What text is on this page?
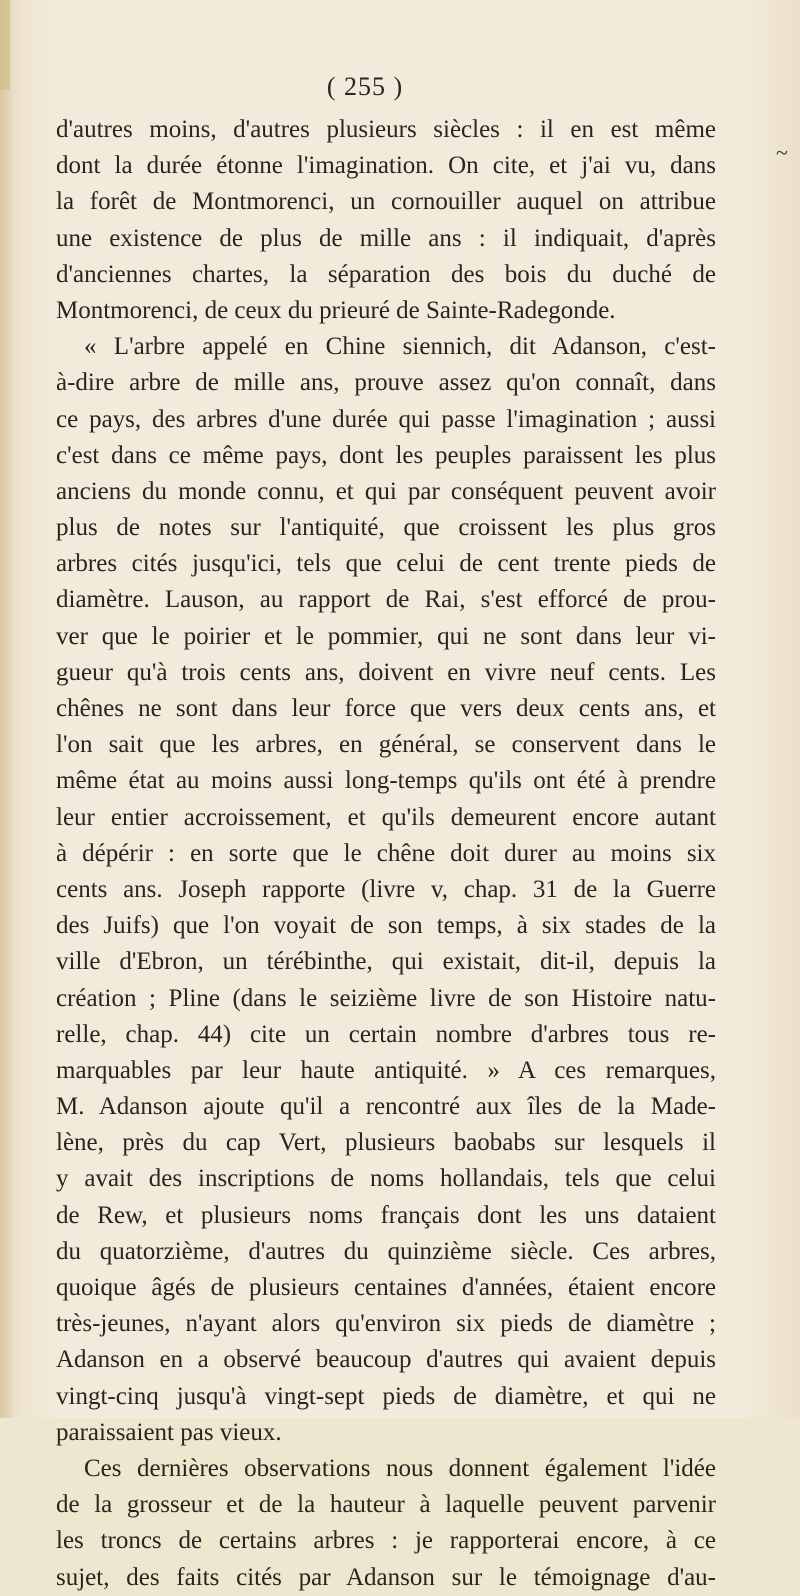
( 255 )
~
d'autres moins, d'autres plusieurs siècles : il en est même
dont la durée étonne l'imagination. On cite, et j'ai vu, dans
la forêt de Montmorenci, un cornouiller auquel on attribue
une existence de plus de mille ans : il indiquait, d'après
d'anciennes chartes, la séparation des bois du duché de
Montmorenci, de ceux du prieuré de Sainte-Radegonde.
« L'arbre appelé en Chine siennich, dit Adanson, c'est-
à-dire arbre de mille ans, prouve assez qu'on connaît, dans
ce pays, des arbres d'une durée qui passe l'imagination ; aussi
c'est dans ce même pays, dont les peuples paraissent les plus
anciens du monde connu, et qui par conséquent peuvent avoir
plus de notes sur l'antiquité, que croissent les plus gros
arbres cités jusqu'ici, tels que celui de cent trente pieds de
diamètre. Lauson, au rapport de Rai, s'est efforcé de prou-
ver que le poirier et le pommier, qui ne sont dans leur vi-
gueur qu'à trois cents ans, doivent en vivre neuf cents. Les
chênes ne sont dans leur force que vers deux cents ans, et
l'on sait que les arbres, en général, se conservent dans le
même état au moins aussi long-temps qu'ils ont été à prendre
leur entier accroissement, et qu'ils demeurent encore autant
à dépérir : en sorte que le chêne doit durer au moins six
cents ans. Joseph rapporte (livre v, chap. 31 de la Guerre
des Juifs) que l'on voyait de son temps, à six stades de la
ville d'Ebron, un térébinthe, qui existait, dit-il, depuis la
création ; Pline (dans le seizième livre de son Histoire natu-
relle, chap. 44) cite un certain nombre d'arbres tous re-
marquables par leur haute antiquité. » A ces remarques,
M. Adanson ajoute qu'il a rencontré aux îles de la Made-
lène, près du cap Vert, plusieurs baobabs sur lesquels il
y avait des inscriptions de noms hollandais, tels que celui
de Rew, et plusieurs noms français dont les uns dataient
du quatorzième, d'autres du quinzième siècle. Ces arbres,
quoique âgés de plusieurs centaines d'années, étaient encore
très-jeunes, n'ayant alors qu'environ six pieds de diamètre ;
Adanson en a observé beaucoup d'autres qui avaient depuis
vingt-cinq jusqu'à vingt-sept pieds de diamètre, et qui ne
paraissaient pas vieux.
Ces dernières observations nous donnent également l'idée
de la grosseur et de la hauteur à laquelle peuvent parvenir
les troncs de certains arbres : je rapporterai encore, à ce
sujet, des faits cités par Adanson sur le témoignage d'au-
